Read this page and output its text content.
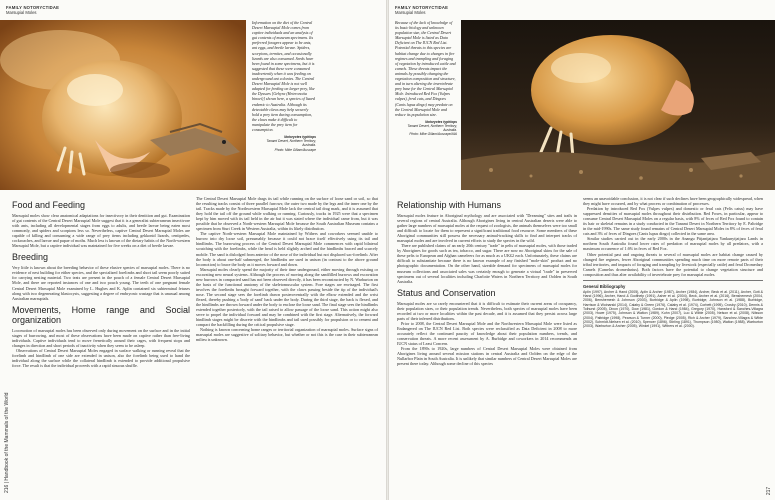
FAMILY NOTORYCTIDAE
Marsupial Moles

Information on the diet of the Central Desert Marsupial Mole comes from captive individuals and an analysis of gut contents of museum specimens. Its preferred foragers appear to be ants, ant eggs, and beetle larvae. Spiders, scorpions, termites, and occasionally lizards are also consumed. Seeds have been found in some specimens, but it is suggested that these were consumed inadvertently when it was feeding on underground ant colonies. The Central Desert Marsupial Mole is not well adapted for feeding on larger prey, like the Dyssurs [Gehyra (Heteronotia binoei)] shown here, a species of lizard endemic to Australia. Although its detectable claws may help securely hold a prey item during consumption, the claws make it difficult to manipulate the prey item for consumption.

Notoryctes typhlops
Tanami Desert, Northern Territory, Australia.
Photo: Mike Gillam/Auscape
216 | Handbook of the Mammals of the World
Food and Feeding

Marsupial moles show clear anatomical adaptations for insectivory in their dentition and gut. Examination of gut contents of the Central Desert Marsupial Mole suggest that it is a generalist subterranean insectivore with ants, including all developmental stages from eggs to adults, and beetle larvae being eaten most commonly, and spiders and scorpions less so. Nevertheless, captive Central Desert Marsupial Moles are capable of killing and consuming a wide range of prey items including gekkonid lizards, centipedes, cockroaches, and larvae and pupae of moths. Much less is known of the dietary habits of the North-western Marsupial Mole, but a captive individual was maintained for five weeks on a diet of beetle larvae.

Breeding

Very little is known about the breeding behavior of these elusive species of marsupial moles. There is no evidence of nest building for either species, and the specialized forelimbs and short tail seem poorly suited for carrying nesting material. Two teats are present in the pouch of a female Central Desert Marsupial Mole, and there are reported instances of one and two pouch young. The teeth of one pregnant female Central Desert Marsupial Mole examined by L. Hughes and K. Aplin contained six subterminal fetuses along with two degenerating blastocysts, suggesting a degree of embryonic wastage that is unusual among Australian marsupials.

Movements, Home range and Social organization

Locomotion of marsupial moles has been observed only during movement on the surface and in the initial stages of burrowing, and most of these observations have been made on captive rather than free-living individuals. Captive individuals tend to move frenetically around their cages, with frequent stops and changes in direction and short periods of inactivity when they seem to be asleep.

Observations of Central Desert Marsupial Moles engaged in surface walking or running reveal that the forelimb and hindlimb of one side are extended in unison, also the forelimb being used to hand the individual along the surface while the collateral hindlimb is extended to provide additional propulsive force. The result is that the individual proceeds with a rapid sinuous shuffle.

The Central Desert Marsupial Mole drags its tail while running on the surface of loose sand or soil, so that the resulting tracks consist of three parallel furrows; the outer two made by the legs and the inner one by the tail. Tracks made by the Northwestern Marsupial Mole lack the central tail drag mark, and it is assumed that they hold the tail off the ground while walking or running. Curiously, tracks in 1925 were that a specimen kept by him moved with its tail held in the air but it was stated where the individual came from, but it was possible that he observed a North-western Marsupial Mole because the South Australian Museum contains a specimen from Sturt Creek in Western Australia, within its likely distribution.

The captive North-western Marsupial Mole maintained by Withers and coworkers seemed unable to burrow into dry loose soil, presumably because it could not brace itself effectively using its tail and hindlimbs. The burrowing process of the Central Desert Marsupial Mole commences with rapid bilateral scratching with the forelimbs, while the head is held slightly arched and the hindlimbs braced and scarcely mobile. The sand is dislodged from anterior of the nose of the individual but not displaced sac-forelimb. After the body is about one-half submerged, the hindlimbs are used in unison (in contrast to the above ground locomotion) to brace the body as it moves forward and down.

Marsupial moles clearly spend the majority of their time underground, either moving through existing or excavating new neural systems. Although the process of moving along the sandfilled burrows and excavation new burrows in compacted sand has not been observed directly, it has been reconstructed by N. Warburton on the basis of the functional anatomy of the skeletomuscular system. Fore stages are envisaged. The first involves the forelimbs brought forward together, with the claws passing beside the tip of the individual's nose. The second stage sees the forelimb drawn posteroventrally with the elbow extended and the wrist flexed, thereby pushing a 'body of sand' back under the body. During the third stage, the back is flexed, and the hindlimbs are thrown forward under the body to enclose the loose sand. The final stage sees the hindlimbs extended together posteriorly, with the tail raised to allow passage of the loose sand. This action might also serve to propel the individual forward and may be combined with the first stage. Alternatively, the forward hindlimb stages might be discrete with the hindlimbs and tail used possibly for propulsion or to cement and compact the backfilling during the critical propulsive stage.

Nothing is known concerning home ranges or territorial organization of marsupial moles. Surface signs of marsupial moles are suggestive of solitary behavior, but whether or not this is the case in their subterranean milieu is unknown.

FAMILY NOTORYCTIDAE
Marsupial Moles

Because of the lack of knowledge of its basic biology and unknown population size, the Central Desert Marsupial Mole is listed as Data Deficient on The IUCN Red List. Potential threats to this species are habitat change due to changes in fire regimes and trampling and foraging of vegetation by introduced cattle and camels. These threats impact the animals by possibly changing the vegetation composition and structure, and in turn altering the invertebrate prey base for the Central Marsupial Mole. Introduced Red Fox (Vulpes vulpes), feral cats, and Dingoes (Canis lupus dingo) may predate on the Central Marsupial Mole and reduce its population size.

Notoryctes typhlops
Tanami Desert, Northern Territory, Australia.
Photo: Mike Gillam/Auscape/AIA
Relationship with Humans

Marsupial moles feature in Aboriginal mythology and are associated with "Dreaming" sites and trails in several regions of central Australia. Although Aborigines living in central Australian deserts were able to gather large numbers of marsupial moles at the request of zoologists, the animals themselves were too small and difficult to locate for them to represent a significant traditional food resource. Some members of these Aboriginal communities still possess the necessary animal-tracking skills to find and interpret tracks of marsupial moles and are involved in current efforts to study the species in the wild.

There are published claims of an early 20th century "trade" in pelts of marsupial moles, with those traded by Aborigines for goods such as tea, tobacco, and sugar. There are now no Aboriginal skins for the sale of these pelts to European and Afghan cameleers for as much as a UK£2 each. Unfortunately, these claims are difficult to substantiate because there is no known example of any finished "mole-skin" product and no photographic documentation. On the other hand, sizeable demand for specimens of marsupial moles for museum collections and associated sales was certainly enough to generate a virtual "trade" in preserved specimens out of several localities including Charlotte Waters in Northern Territory and Oolden in South Australia.

Status and Conservation

Marsupial moles are so rarely encountered that it is difficult to estimate their current areas of occupancy, their population sizes, or their population trends. Nevertheless, both species of marsupial moles have been recorded at two or more localities within the past decade, and it is assumed that they persist across large parts of their inferred distributions.

Prior to 2008, the Central Desert Marsupial Mole and the Northwestern Marsupial Mole were listed as Endangered on The IUCN Red List. Both species were reclassified as Data Deficient in 2008 to more accurately reflect the continued paucity of knowledge about their population numbers, trends, and conservation threats. A more recent assessment by A. Burbidge and coworkers in 2014 recommends an IUCN status of Least Concern.

From the 1890s to 1920s, large numbers of Central Desert Marsupial Moles were obtained from Aborigines living around several mission stations in central Australia and Oolden on the edge of the Nullarbor Plain in South Australia. It is unlikely that similar numbers of Central Desert Marsupial Moles are present there today. Although some decline of this species

seems an unavoidable conclusion, it is not clear if such declines have been geographically widespread, when they might have occurred, and by what process or combination of processes.

Predation by introduced Red Fox (Vulpes vulpes) and domestic or feral cats (Felis catus) may have suppressed densities of marsupial moles throughout their distribution. Red Foxes, in particular, appear to consume Central Desert Marsupial Moles on a regular basis, with 8% of feces of Red Fox found to contain its hair or skeletal remains in a study conducted in the Tanami Desert in Northern Territory by E. Paltridge in the mid-1990s. The same study found remains of Central Desert Marsupial Moles in 8% of feces of feral cats and 3% of feces of Dingoes (Canis lupus dingo) collected in the same area.

Similar studies carried out in the early 2000s in the Anangu Pitjantjatjara Yankunytjatjara Lands in northern South Australia found lower rates of predation of marsupial moles by all predators, with a maximum occurrence of 1.6% in feces of Red Fox.

Other potential past and ongoing threats to several of marsupial moles are habitat change caused by changed fire regimes, fewer Aboriginal communities spending much time on more remote parts of their tribal territories, and impacts of foraging and trampling by livestock (especially cattle) and feral Dromedary Camels (Camelus dromedarius). Both factors have the potential to change vegetation structure and composition and thus alter availability of invertebrate prey for marsupial moles.

General Bibliography
Aplin (1997), Archer & Hand (2005), Aplin & Archer (1987), Archer (1984), Archer, Beck et al. (2011), Archer, Gott & Hand (1996), Archer, Hand & Godthelp (1991), Asher et al. (2004), Beck, Archer et al. (2016), Benshemesh (2004, 2006), Benshemesh & Johnson (2003), Burbidge & Aplin (1998), Burbidge, Johnson et al. (1988), Burbidge, Harrison & Woinarski (2014), Calaby & Green (1976), Calaby et al. (1974), Corbett (1995), Crosby (2010), Dennis & Tolhurst (2005), Dixon (1970), Dow (1981), Gordon & Hand (1984), Gregory (1970), Hansford & Sanches-Villagra (2003), Howe (1975), Johnson & Walton (1989), Kuhn (2007), Luo & Wible (2005), Nelson et al. (2008), Nilsson (2004), Paltridge (1998), Pearson & Turner (2000), Pledge (2005), Rich & Archer (1979), Sanchez-Villagra & Wible (2002), Schmidt-Nielsen et al. (2010), Spencer (1896), Stirling (1891), Thompson (1980), Walton (1988), Warburton (2003), Warburton & Archer (2005), Winkel (1991), Withers et al. (2000).
217
